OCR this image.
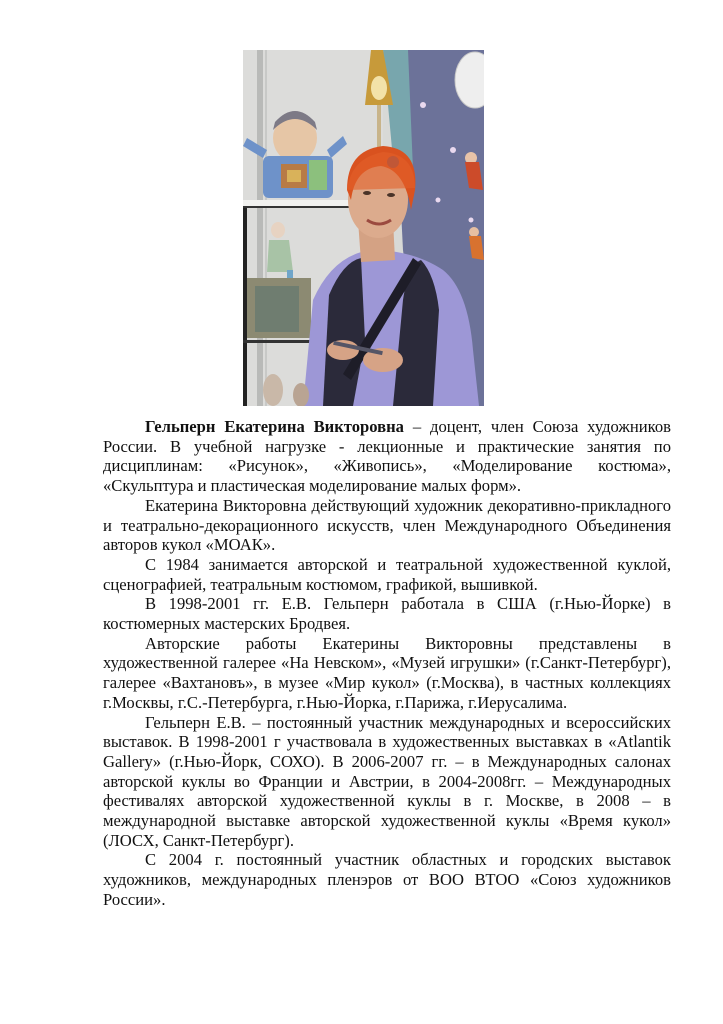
Гельперн Екатерина Викторовна – доцент, член Союза художников России. В учебной нагрузке - лекционные и практические занятия по дисциплинам: «Рисунок», «Живопись», «Моделирование костюма», «Скульптура и пластическая моделирование малых форм».

Екатерина Викторовна действующий художник декоративно-прикладного и театрально-декорационного искусств, член Международного Объединения авторов кукол «МОАК».

С 1984 занимается авторской и театральной художественной куклой, сценографией, театральным костюмом, графикой, вышивкой.

В 1998-2001 гг. Е.В. Гельперн работала в США (г.Нью-Йорке) в костюмерных мастерских Бродвея.

Авторские работы Екатерины Викторовны представлены в художественной галерее «На Невском», «Музей игрушки» (г.Санкт-Петербург), галерее «Вахтановъ», в музее «Мир кукол» (г.Москва), в частных коллекциях г.Москвы, г.С.-Петербурга, г.Нью-Йорка, г.Парижа, г.Иерусалима.

Гельперн Е.В. – постоянный участник международных и всероссийских выставок. В 1998-2001 г участвовала в художественных выставках в «Atlantik Gallery» (г.Нью-Йорк, СОХО). В 2006-2007 гг. – в Международных салонах авторской куклы во Франции и Австрии, в 2004-2008гг. – Международных фестивалях авторской художественной куклы в г. Москве, в 2008 – в международной выставке авторской художественной куклы «Время кукол» (ЛОСХ, Санкт-Петербург).

С 2004 г. постоянный участник областных и городских выставок художников, международных пленэров от ВОО ВТОО «Союз художников России».
